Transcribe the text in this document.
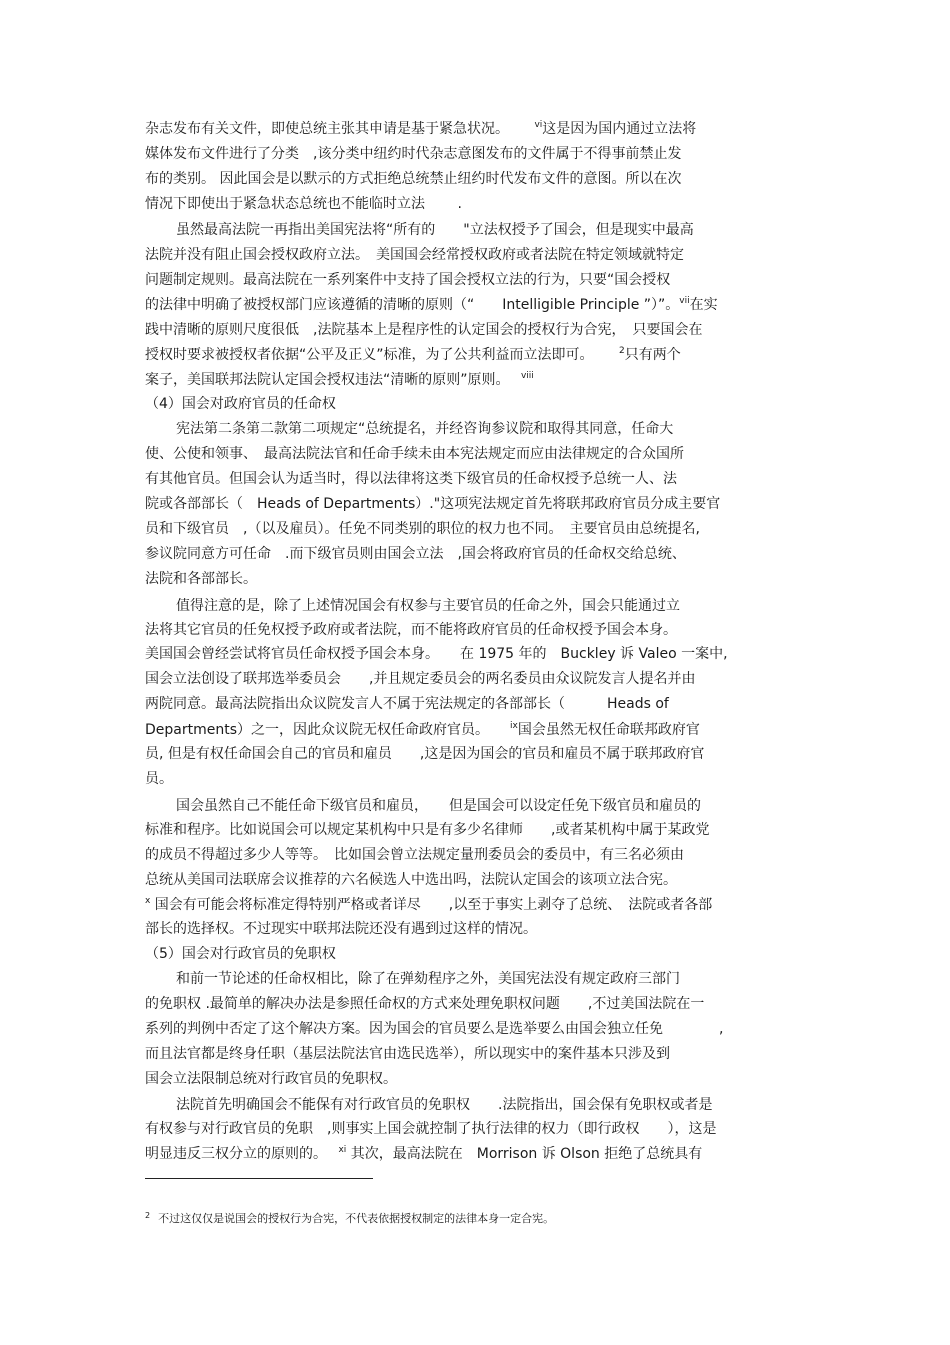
杂志发布有关文件，即使总统主张其申请是基于紧急状况。　　 $^{vi}$这是因为国内通过立法将
媒体发布文件进行了分类　,该分类中纽约时代杂志意图发布的文件属于不得事前禁止发
布的类别。 因此国会是以默示的方式拒绝总统禁止纽约时代发布文件的意图。所以在次
情况下即使出于紧急状态总统也不能临时立法　　 .
虽然最高法院一再指出美国宪法将“所有的　　"立法权授予了国会，但是现实中最高
法院并没有阻止国会授权政府立法。　美国国会经常授权政府或者法院在特定领域就特定
问题制定规则。最高法院在一系列案件中支持了国会授权立法的行为，只要“国会授权
的法律中明确了被授权部门应该遵循的清晰的原则（“　　Intelligible Principle ”）”。$^{vii}$在实
践中清晰的原则尺度很低　,法院基本上是程序性的认定国会的授权行为合宪，　只要国会在
授权时要求被授权者依据“公平及正义”标准，为了公共利益而立法即可。　　 $^2$只有两个
案子，美国联邦法院认定国会授权违法“清晰的原则”原则。　 $^{viii}$
（4）国会对政府官员的任命权
宪法第二条第二款第二项规定“总统提名，并经咨询参议院和取得其同意，任命大
使、公使和领事、　最高法院法官和任命手续未由本宪法规定而应由法律规定的合众国所
有其他官员。但国会认为适当时，得以法律将这类下级官员的任命权授予总统一人、法
院或各部部长（　Heads of Departments）."这项宪法规定首先将联邦政府官员分成主要官
员和下级官员　,（以及雇员）。任免不同类别的职位的权力也不同。　主要官员由总统提名,
参议院同意方可任命　.而下级官员则由国会立法　,国会将政府官员的任命权交给总统、
法院和各部部长。
值得注意的是，除了上述情况国会有权参与主要官员的任命之外，国会只能通过立
法将其它官员的任免权授予政府或者法院，而不能将政府官员的任命权授予国会本身。
美国国会曾经尝试将官员任命权授予国会本身。　　在 1975 年的　Buckley 诉 Valeo 一案中,
国会立法创设了联邦选举委员会　　,并且规定委员会的两名委员由众议院发言人提名并由
两院同意。最高法院指出众议院发言人不属于宪法规定的各部部长（　　　Heads of
Departments）之一，因此众议院无权任命政府官员。　　$^{ix}$国会虽然无权任命联邦政府官
员, 但是有权任命国会自己的官员和雇员　　,这是因为国会的官员和雇员不属于联邦政府官
员。
国会虽然自己不能任命下级官员和雇员，　　但是国会可以设定任免下级官员和雇员的
标准和程序。比如说国会可以规定某机构中只是有多少名律师　　,或者某机构中属于某政党
的成员不得超过多少人等等。　比如国会曾立法规定量刑委员会的委员中，有三名必须由
总统从美国司法联席会议推荐的六名候选人中选出吗，法院认定国会的该项立法合宪。
$^x$ 国会有可能会将标准定得特别严格或者详尽　　,以至于事实上剥夺了总统、　法院或者各部
部长的选择权。不过现实中联邦法院还没有遇到过这样的情况。
（5）国会对行政官员的免职权
和前一节论述的任命权相比，除了在弹劾程序之外，美国宪法没有规定政府三部门
的免职权 .最简单的解决办法是参照任命权的方式来处理免职权问题　　,不过美国法院在一
系列的判例中否定了这个解决方案。因为国会的官员要么是选举要么由国会独立任免　　　　,
而且法官都是终身任职（基层法院法官由选民选举），所以现实中的案件基本只涉及到
国会立法限制总统对行政官员的免职权。
法院首先明确国会不能保有对行政官员的免职权　　.法院指出，国会保有免职权或者是
有权参与对行政官员的免职　,则事实上国会就控制了执行法律的权力（即行政权　　），这是
明显违反三权分立的原则的。　 $^{xi}$ 其次，最高法院在　Morrison 诉 Olson 拒绝了总统具有
$^2$ 不过这仅仅是说国会的授权行为合宪，不代表依据授权制定的法律本身一定合宪。
